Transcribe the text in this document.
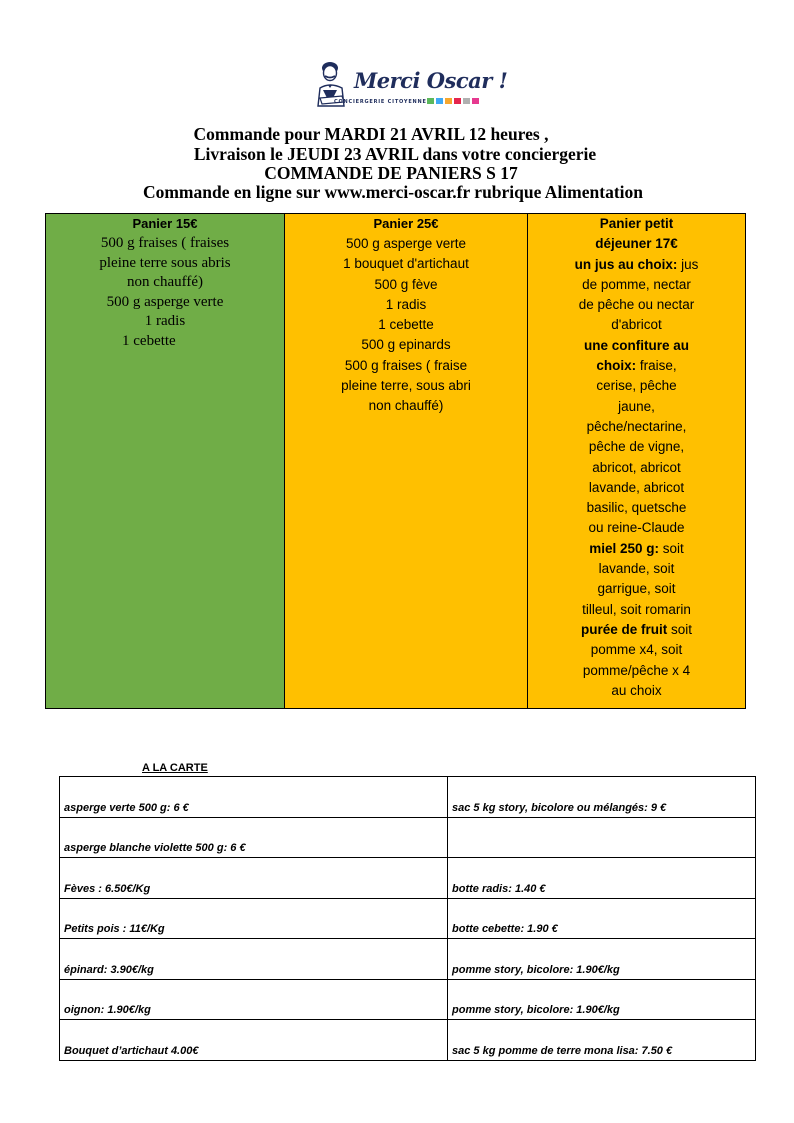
Merci Oscar !
CONCIERGERIE CITOYENNE
Commande pour MARDI 21 AVRIL 12 heures ,
Livraison le JEUDI 23 AVRIL dans votre conciergerie
COMMANDE DE PANIERS S 17
Commande en ligne sur www.merci-oscar.fr rubrique Alimentation
Panier 15€
500 g fraises ( fraises
pleine terre sous abris
non chauffé)
500 g asperge verte
1 radis
1 cebette

Panier 25€
500 g asperge verte
1 bouquet d'artichaut
500 g fève
1 radis
1 cebette
500 g epinards
500 g fraises ( fraise
pleine terre, sous abri
non chauffé)

Panier petit
déjeuner 17€
un jus au choix: jus
de pomme, nectar
de pêche ou nectar
d'abricot
une confiture au
choix: fraise,
cerise, pêche
jaune,
pêche/nectarine,
pêche de vigne,
abricot, abricot
lavande, abricot
basilic, quetsche
ou reine-Claude
miel 250 g: soit
lavande, soit
garrigue, soit
tilleul, soit romarin
purée de fruit soit
pomme x4, soit
pomme/pêche x 4
au choix
A LA CARTE
asperge verte 500 g: 6 €	sac 5 kg story, bicolore ou mélangés: 9 €
asperge blanche violette 500 g: 6 €	
Fèves : 6.50€/Kg	botte radis: 1.40 €
Petits pois : 11€/Kg	botte cebette: 1.90 €
épinard: 3.90€/kg	pomme story, bicolore: 1.90€/kg
oignon: 1.90€/kg	pomme story, bicolore: 1.90€/kg
Bouquet d’artichaut 4.00€	sac 5 kg pomme de terre mona lisa: 7.50 €
